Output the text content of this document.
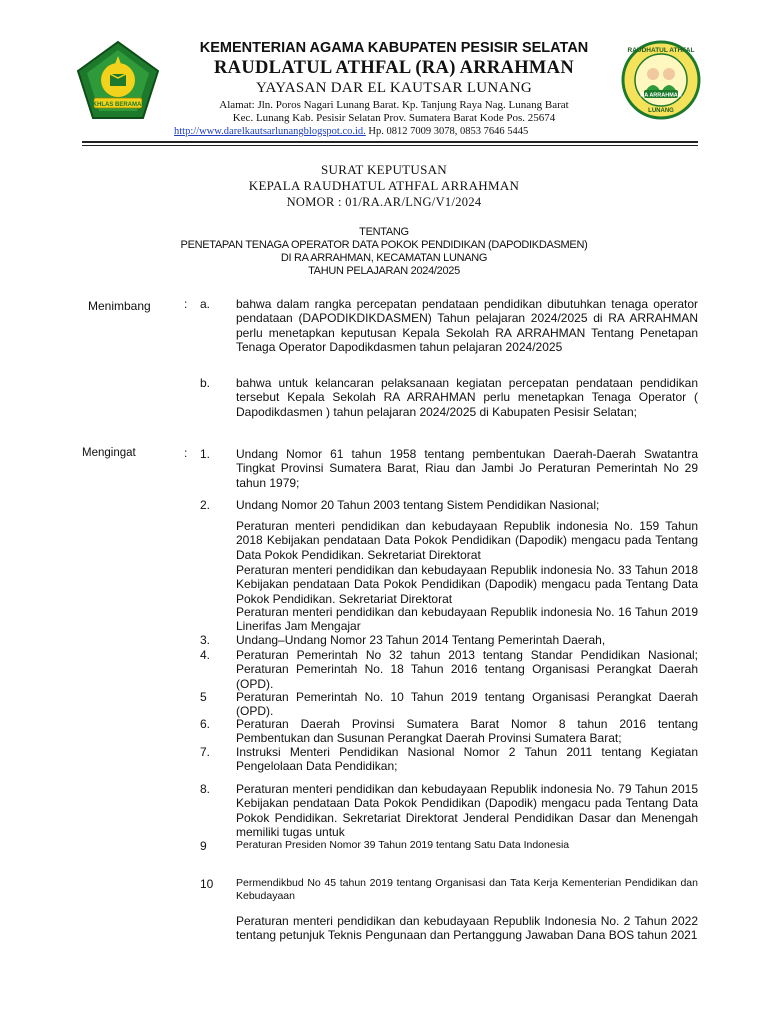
IKHLAS BERAMAL
RA ARRAHMAN
RAUDHATUL ATHFAL
LUNANG
KEMENTERIAN AGAMA KABUPATEN PESISIR SELATAN
RAUDLATUL ATHFAL (RA) ARRAHMAN
YAYASAN DAR EL KAUTSAR LUNANG
Alamat: Jln. Poros Nagari Lunang Barat. Kp. Tanjung Raya Nag. Lunang Barat
Kec. Lunang Kab. Pesisir Selatan Prov. Sumatera Barat Kode Pos. 25674
http://www.darelkautsarlunangblogspot.co.id. Hp. 0812 7009 3078, 0853 7646 5445
SURAT KEPUTUSAN
KEPALA RAUDHATUL ATHFAL ARRAHMAN
NOMOR : 01/RA.AR/LNG/V1/2024
TENTANG
PENETAPAN TENAGA OPERATOR DATA POKOK PENDIDIKAN (DAPODIKDASMEN)
DI RA ARRAHMAN, KECAMATAN LUNANG
TAHUN PELAJARAN 2024/2025
Menimbang	: a. bahwa dalam rangka percepatan pendataan pendidikan dibutuhkan tenaga operator pendataan (DAPODIKDIKDASMEN) Tahun pelajaran 2024/2025 di RA ARRAHMAN perlu menetapkan keputusan Kepala Sekolah RA ARRAHMAN Tentang Penetapan Tenaga Operator Dapodikdasmen tahun pelajaran 2024/2025
b. bahwa untuk kelancaran pelaksanaan kegiatan percepatan pendataan pendidikan tersebut Kepala Sekolah RA ARRAHMAN perlu menetapkan Tenaga Operator ( Dapodikdasmen ) tahun pelajaran 2024/2025 di Kabupaten Pesisir Selatan;
Mengingat	: 1. Undang Nomor 61 tahun 1958 tentang pembentukan Daerah-Daerah Swatantra Tingkat Provinsi Sumatera Barat, Riau dan Jambi Jo Peraturan Pemerintah No 29 tahun 1979;
2. Undang Nomor 20 Tahun 2003 tentang Sistem Pendidikan Nasional;
Peraturan menteri pendidikan dan kebudayaan Republik indonesia No. 159 Tahun 2018 Kebijakan pendataan Data Pokok Pendidikan (Dapodik) mengacu pada Tentang Data Pokok Pendidikan. Sekretariat Direktorat
Peraturan menteri pendidikan dan kebudayaan Republik indonesia No. 33 Tahun 2018 Kebijakan pendataan Data Pokok Pendidikan (Dapodik) mengacu pada Tentang Data Pokok Pendidikan. Sekretariat Direktorat
Peraturan menteri pendidikan dan kebudayaan Republik indonesia No. 16 Tahun 2019 Linerifas Jam Mengajar
3. Undang–Undang Nomor 23 Tahun 2014 Tentang Pemerintah Daerah,
4. Peraturan Pemerintah No 32 tahun 2013 tentang Standar Pendidikan Nasional; Peraturan Pemerintah No. 18 Tahun 2016 tentang Organisasi Perangkat Daerah (OPD).
5 Peraturan Pemerintah No. 10 Tahun 2019 tentang Organisasi Perangkat Daerah (OPD).
6. Peraturan Daerah Provinsi Sumatera Barat Nomor 8 tahun 2016 tentang Pembentukan dan Susunan Perangkat Daerah Provinsi Sumatera Barat;
7. Instruksi Menteri Pendidikan Nasional Nomor 2 Tahun 2011 tentang Kegiatan Pengelolaan Data Pendidikan;
8. Peraturan menteri pendidikan dan kebudayaan Republik indonesia No. 79 Tahun 2015 Kebijakan pendataan Data Pokok Pendidikan (Dapodik) mengacu pada Tentang Data Pokok Pendidikan. Sekretariat Direktorat Jenderal Pendidikan Dasar dan Menengah memiliki tugas untuk
9	Peraturan Presiden Nomor 39 Tahun 2019 tentang Satu Data Indonesia
10 Permendikbud No 45 tahun 2019 tentang Organisasi dan Tata Kerja Kementerian Pendidikan dan Kebudayaan
Peraturan menteri pendidikan dan kebudayaan Republik Indonesia No. 2 Tahun 2022 tentang petunjuk Teknis Pengunaan dan Pertanggung Jawaban Dana BOS tahun 2021
